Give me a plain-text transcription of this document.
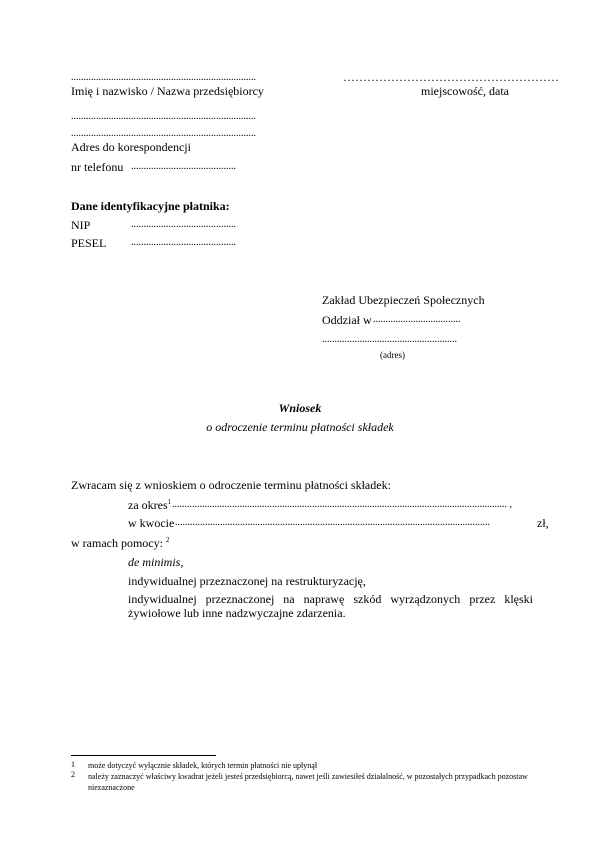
..........................................................................
Imię i nazwisko / Nazwa przedsiębiorcy
………………………………………………
miejscowość, data
..........................................................................
..........................................................................
Adres do korespondencji
nr telefonu ..........................................
Dane identyfikacyjne płatnika:
NIP	..........................................
PESEL ..........................................
Zakład Ubezpieczeń Społecznych
Oddział w ...................................
......................................................
(adres)
Wniosek
o odroczenie terminu płatności składek
Zwracam się z wnioskiem o odroczenie terminu płatności składek:
za okres$^1$ ...................................................................................................................................... ,
w kwocie ..............................................................................................................................	zł,
w ramach pomocy: $^2$
de minimis,
indywidualnej przeznaczonej na restrukturyzację,
indywidualnej przeznaczonej na naprawę szkód wyrządzonych przez klęski żywiołowe lub inne nadzwyczajne zdarzenia.
1 może dotyczyć wyłącznie składek, których termin płatności nie upłynął
2 należy zaznaczyć właściwy kwadrat jeżeli jesteś przedsiębiorcą, nawet jeśli zawiesiłeś działalność, w pozostałych przypadkach pozostaw niezaznaczone
